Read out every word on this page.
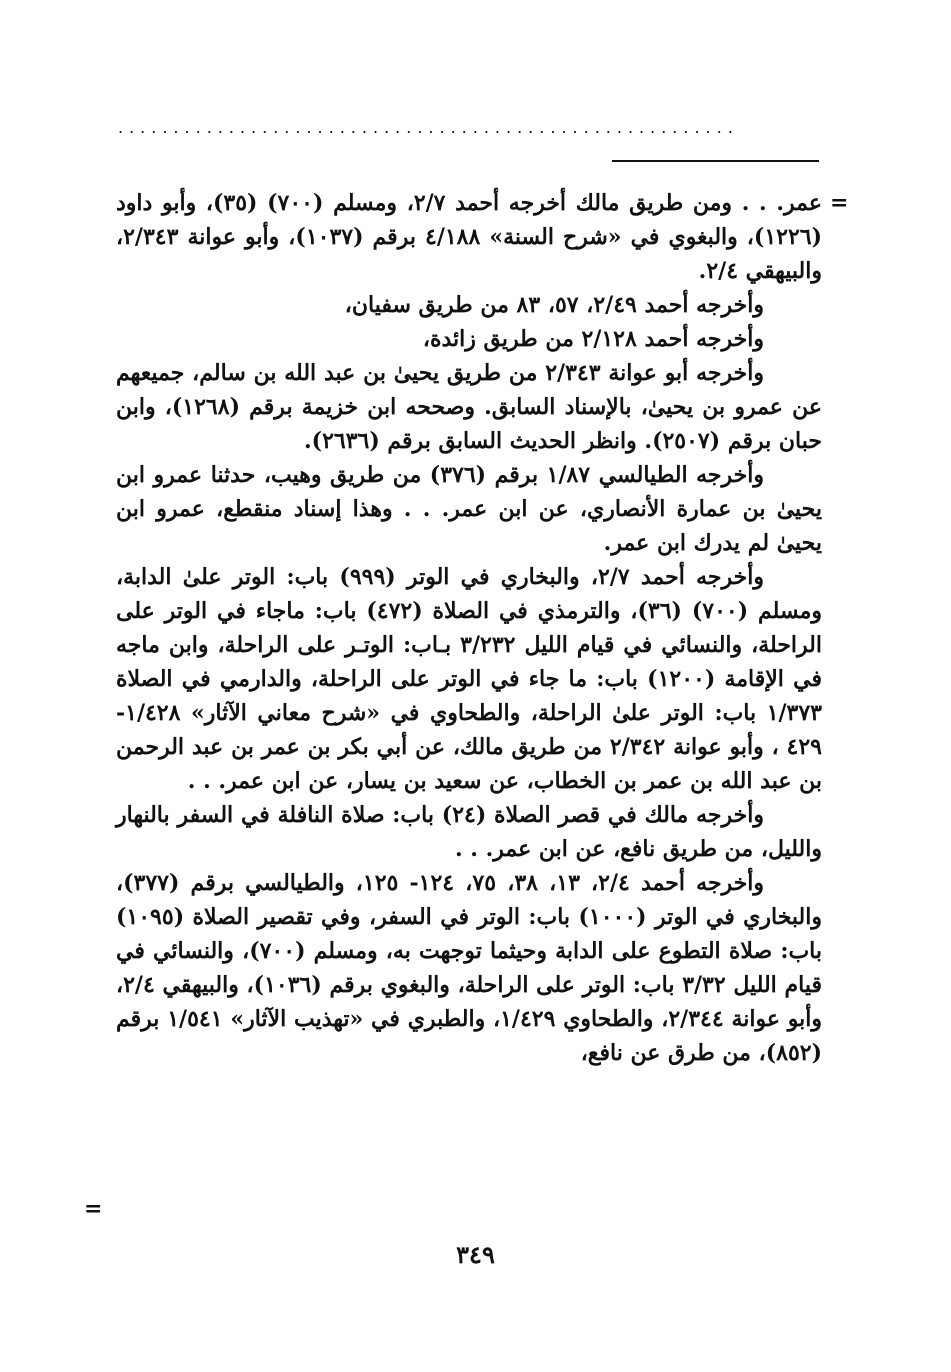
........................................................
=

عمر. . . ومن طريق مالك أخرجه أحمد ٢/٧، ومسلم (٧٠٠) (٣٥)، وأبو داود (١٢٢٦)، والبغوي في «شرح السنة» ٤/١٨٨ برقم (١٠٣٧)، وأبو عوانة ٢/٣٤٣، والبيهقي ٢/٤.

وأخرجه أحمد ٢/٤٩، ٥٧، ٨٣ من طريق سفيان،

وأخرجه أحمد ٢/١٢٨ من طريق زائدة،

وأخرجه أبو عوانة ٢/٣٤٣ من طريق يحيىٰ بن عبد الله بن سالم، جميعهم عن عمرو بن يحيىٰ، بالإسناد السابق. وصححه ابن خزيمة برقم (١٢٦٨)، وابن حبان برقم (٢٥٠٧). وانظر الحديث السابق برقم (٢٦٣٦).

وأخرجه الطيالسي ١/٨٧ برقم (٣٧٦) من طريق وهيب، حدثنا عمرو ابن يحيىٰ بن عمارة الأنصاري، عن ابن عمر. . . وهذا إسناد منقطع، عمرو ابن يحيىٰ لم يدرك ابن عمر.

وأخرجه أحمد ٢/٧، والبخاري في الوتر (٩٩٩) باب: الوتر علىٰ الدابة، ومسلم (٧٠٠) (٣٦)، والترمذي في الصلاة (٤٧٢) باب: ماجاء في الوتر على الراحلة، والنسائي في قيام الليل ٣/٢٣٢ بـاب: الوتـر على الراحلة، وابن ماجه في الإقامة (١٢٠٠) باب: ما جاء في الوتر على الراحلة، والدارمي في الصلاة ١/٣٧٣ باب: الوتر علىٰ الراحلة، والطحاوي في «شرح معاني الآثار» ١/٤٢٨- ٤٢٩ ، وأبو عوانة ٢/٣٤٢ من طريق مالك، عن أبي بكر بن عمر بن عبد الرحمن بن عبد الله بن عمر بن الخطاب، عن سعيد بن يسار، عن ابن عمر. . .

وأخرجه مالك في قصر الصلاة (٢٤) باب: صلاة النافلة في السفر بالنهار والليل، من طريق نافع، عن ابن عمر. . .

وأخرجه أحمد ٢/٤، ١٣، ٣٨، ٧٥، ١٢٤- ١٢٥، والطيالسي برقم (٣٧٧)، والبخاري في الوتر (١٠٠٠) باب: الوتر في السفر، وفي تقصير الصلاة (١٠٩٥) باب: صلاة التطوع على الدابة وحيثما توجهت به، ومسلم (٧٠٠)، والنسائي في قيام الليل ٣/٣٢ باب: الوتر على الراحلة، والبغوي برقم (١٠٣٦)، والبيهقي ٢/٤، وأبو عوانة ٢/٣٤٤، والطحاوي ١/٤٢٩، والطبري في «تهذيب الآثار» ١/٥٤١ برقم (٨٥٢)، من طرق عن نافع،

=
٣٤٩
